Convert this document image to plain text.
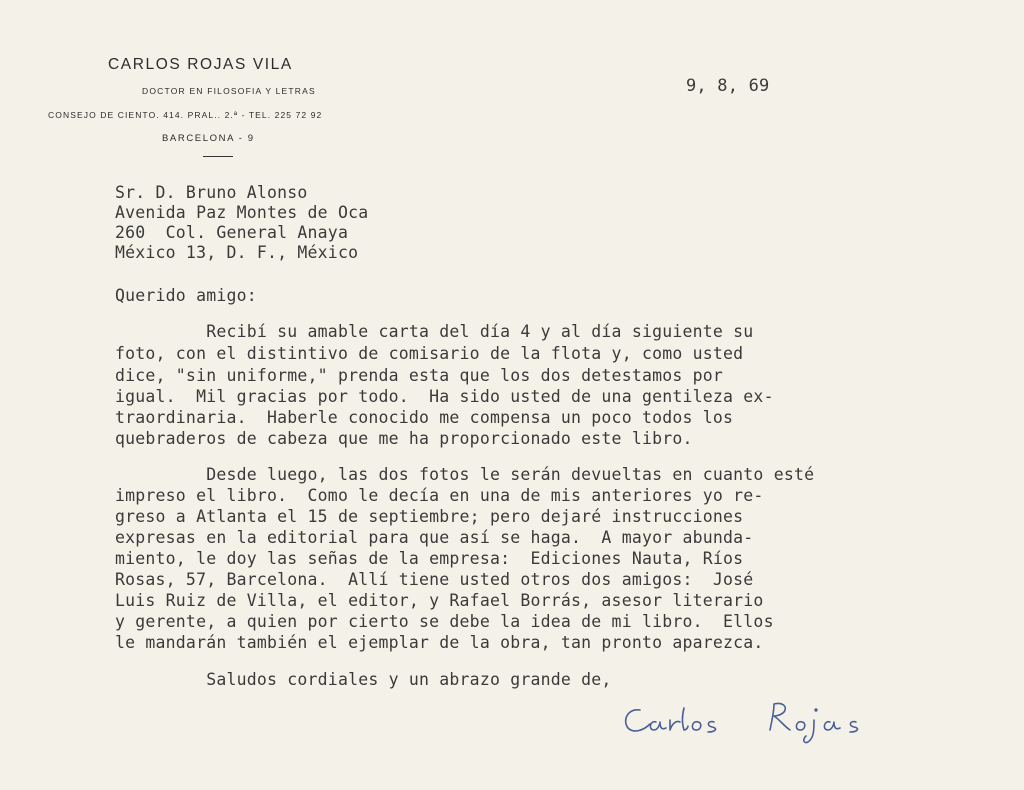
CARLOS ROJAS VILA
DOCTOR EN FILOSOFIA Y LETRAS
CONSEJO DE CIENTO. 414. PRAL.. 2.ª - TEL. 225 72 92
BARCELONA - 9
9, 8, 69
Sr. D. Bruno Alonso
Avenida Paz Montes de Oca
260  Col. General Anaya
México 13, D. F., México
Querido amigo:
Recibí su amable carta del día 4 y al día siguiente su
foto, con el distintivo de comisario de la flota y, como usted
dice, "sin uniforme," prenda esta que los dos detestamos por
igual.  Mil gracias por todo.  Ha sido usted de una gentileza ex-
traordinaria.  Haberle conocido me compensa un poco todos los
quebraderos de cabeza que me ha proporcionado este libro.
Desde luego, las dos fotos le serán devueltas en cuanto esté
impreso el libro.  Como le decía en una de mis anteriores yo re-
greso a Atlanta el 15 de septiembre; pero dejaré instrucciones
expresas en la editorial para que así se haga.  A mayor abunda-
miento, le doy las señas de la empresa:  Ediciones Nauta, Ríos
Rosas, 57, Barcelona.  Allí tiene usted otros dos amigos:  José
Luis Ruiz de Villa, el editor, y Rafael Borrás, asesor literario
y gerente, a quien por cierto se debe la idea de mi libro.  Ellos
le mandarán también el ejemplar de la obra, tan pronto aparezca.
Saludos cordiales y un abrazo grande de,
